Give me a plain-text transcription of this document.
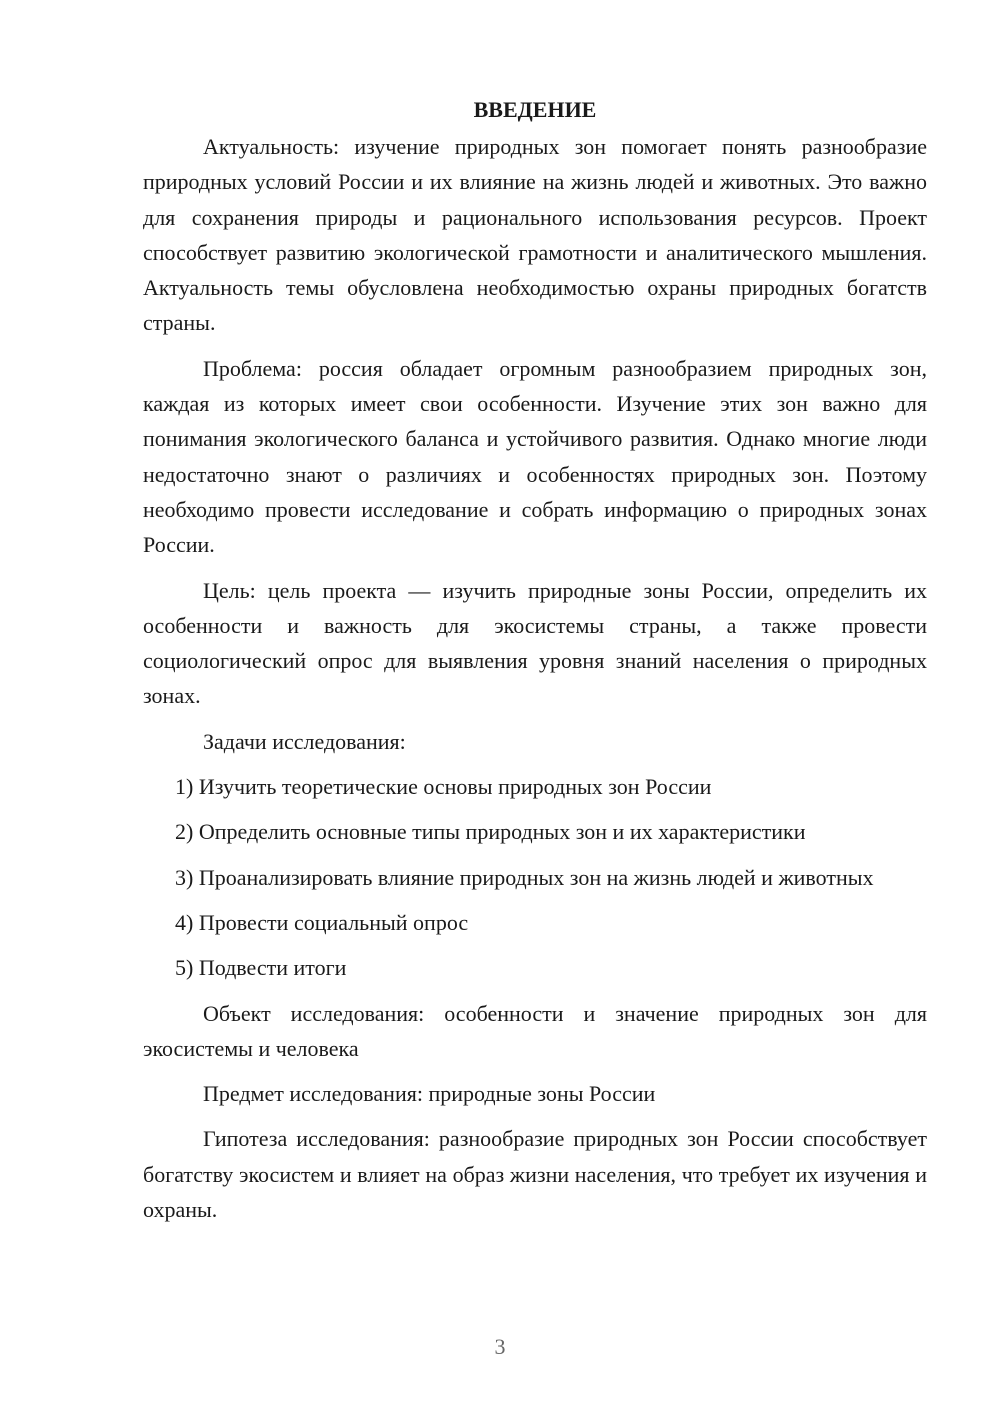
ВВЕДЕНИЕ

Актуальность: изучение природных зон помогает понять разнообразие природных условий России и их влияние на жизнь людей и животных. Это важно для сохранения природы и рационального использования ресурсов. Проект способствует развитию экологической грамотности и аналитического мышления. Актуальность темы обусловлена необходимостью охраны природных богатств страны.

Проблема: россия обладает огромным разнообразием природных зон, каждая из которых имеет свои особенности. Изучение этих зон важно для понимания экологического баланса и устойчивого развития. Однако многие люди недостаточно знают о различиях и особенностях природных зон. Поэтому необходимо провести исследование и собрать информацию о природных зонах России.

Цель: цель проекта — изучить природные зоны России, определить их особенности и важность для экосистемы страны, а также провести социологический опрос для выявления уровня знаний населения о природных зонах.

Задачи исследования:

1) Изучить теоретические основы природных зон России

2) Определить основные типы природных зон и их характеристики

3) Проанализировать влияние природных зон на жизнь людей и животных

4) Провести социальный опрос

5) Подвести итоги

Объект исследования: особенности и значение природных зон для экосистемы и человека

Предмет исследования: природные зоны России

Гипотеза исследования: разнообразие природных зон России способствует богатству экосистем и влияет на образ жизни населения, что требует их изучения и охраны.

3
